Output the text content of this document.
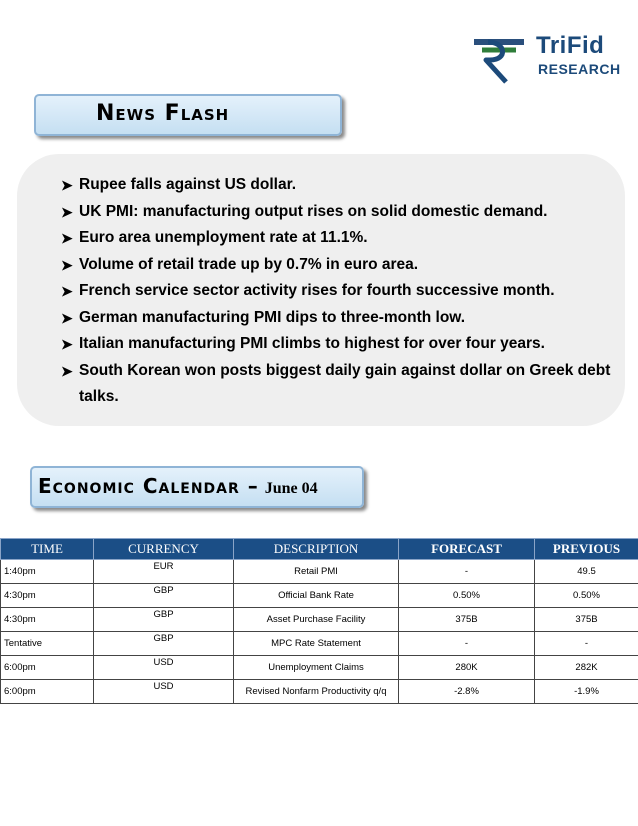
TriFid
RESEARCH
News Flash
➤ Rupee falls against US dollar.
➤ UK PMI: manufacturing output rises on solid domestic demand.
➤ Euro area unemployment rate at 11.1%.
➤ Volume of retail trade up by 0.7% in euro area.
➤ French service sector activity rises for fourth successive month.
➤ German manufacturing PMI dips to three-month low.
➤ Italian manufacturing PMI climbs to highest for over four years.
➤ South Korean won posts biggest daily gain against dollar on Greek debt talks.
Economic Calendar – June 04
TIME	CURRENCY	DESCRIPTION	FORECAST	PREVIOUS
1:40pm	EUR	Retail PMI	-	49.5
4:30pm	GBP	Official Bank Rate	0.50%	0.50%
4:30pm	GBP	Asset Purchase Facility	375B	375B
Tentative	GBP	MPC Rate Statement	-	-
6:00pm	USD	Unemployment Claims	280K	282K
6:00pm	USD	Revised Nonfarm Productivity q/q	-2.8%	-1.9%
